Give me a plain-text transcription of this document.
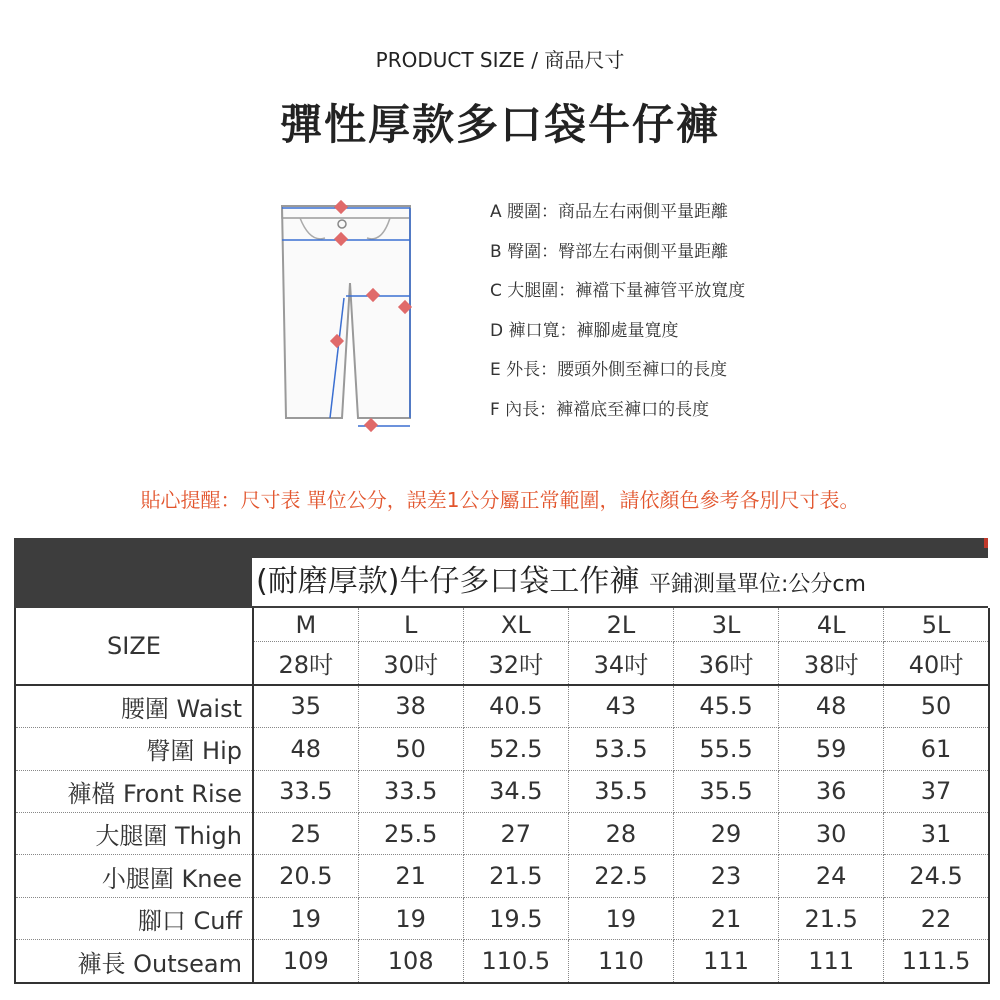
PRODUCT SIZE / 商品尺寸
彈性厚款多口袋牛仔褲
A 腰圍：商品左右兩側平量距離
B 臀圍：臀部左右兩側平量距離
C 大腿圍：褲襠下量褲管平放寬度
D 褲口寬：褲腳處量寬度
E 外長：腰頭外側至褲口的長度
F 內長：褲襠底至褲口的長度
貼心提醒：尺寸表 單位公分，誤差1公分屬正常範圍，請依顏色參考各別尺寸表。
(耐磨厚款)牛仔多口袋工作褲 平鋪測量單位:公分cm
SIZE	M	L	XL	2L	3L	4L	5L
	28吋	30吋	32吋	34吋	36吋	38吋	40吋
腰圍 Waist	35	38	40.5	43	45.5	48	50
臀圍 Hip	48	50	52.5	53.5	55.5	59	61
褲檔 Front Rise	33.5	33.5	34.5	35.5	35.5	36	37
大腿圍 Thigh	25	25.5	27	28	29	30	31
小腿圍 Knee	20.5	21	21.5	22.5	23	24	24.5
腳口 Cuff	19	19	19.5	19	21	21.5	22
褲長 Outseam	109	108	110.5	110	111	111	111.5
